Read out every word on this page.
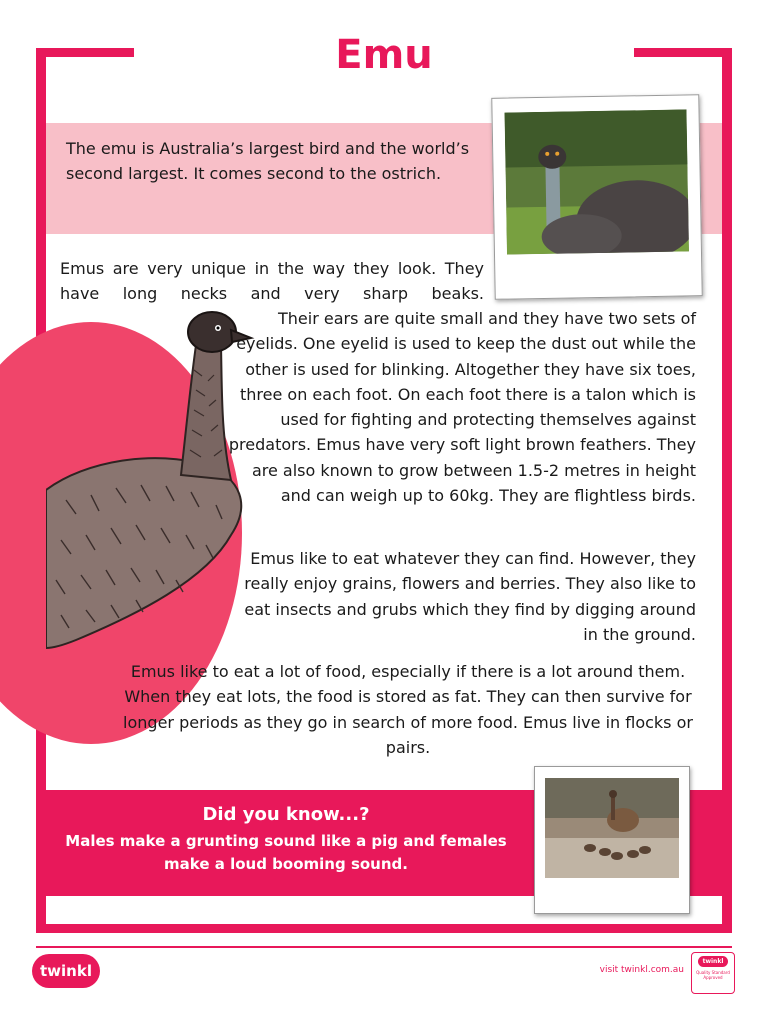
Emu

The emu is Australia’s largest bird and the world’s second largest. It comes second to the ostrich.

Emus are very unique in the way they look. They have long necks and very sharp beaks.

Their ears are quite small and they have two sets of eyelids. One eyelid is used to keep the dust out while the other is used for blinking. Altogether they have six toes, three on each foot. On each foot there is a talon which is used for fighting and protecting themselves against predators. Emus have very soft light brown feathers. They are also known to grow between 1.5-2 metres in height and can weigh up to 60kg. They are flightless birds.

Emus like to eat whatever they can find. However, they really enjoy grains, flowers and berries. They also like to eat insects and grubs which they find by digging around in the ground.

Emus like to eat a lot of food, especially if there is a lot around them. When they eat lots, the food is stored as fat. They can then survive for longer periods as they go in search of more food. Emus live in flocks or pairs.

Did you know...?

Males make a grunting sound like a pig and females make a loud booming sound.

twinkl	visit twinkl.com.au
twinkl
Quality Standard Approved
